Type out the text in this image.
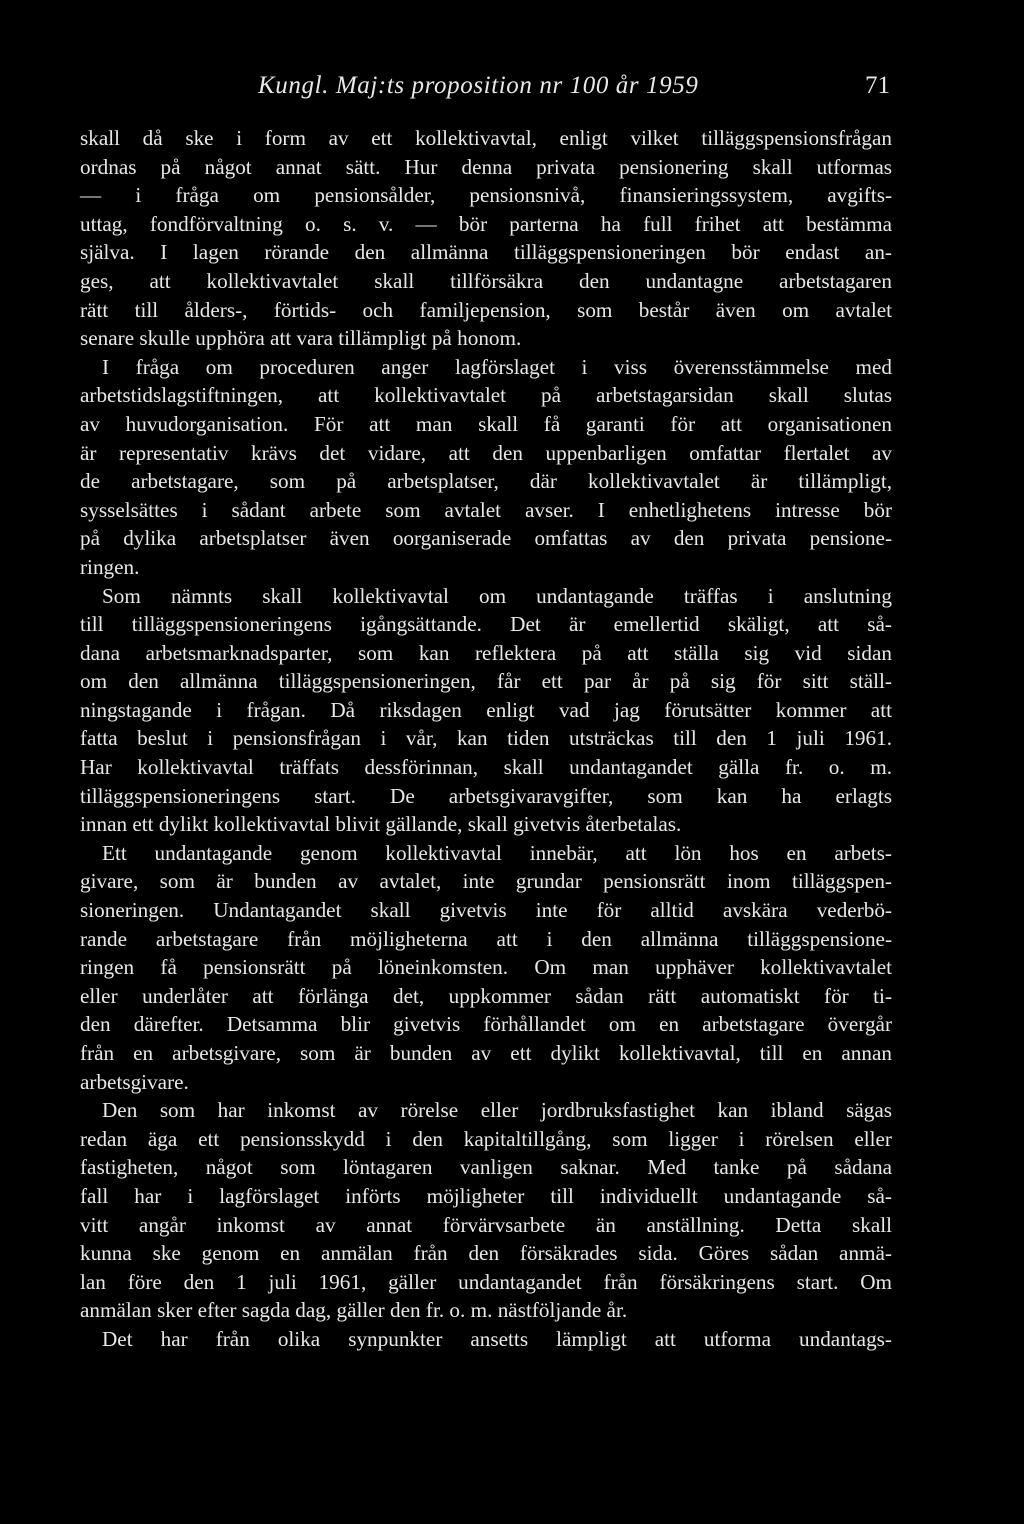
Kungl. Maj:ts proposition nr 100 år 1959	71
skall då ske i form av ett kollektivavtal, enligt vilket tilläggspensionsfrågan
ordnas på något annat sätt. Hur denna privata pensionering skall utformas
— i fråga om pensionsålder, pensionsnivå, finansieringssystem, avgifts-
uttag, fondförvaltning o. s. v. — bör parterna ha full frihet att bestämma
själva. I lagen rörande den allmänna tilläggspensioneringen bör endast an-
ges, att kollektivavtalet skall tillförsäkra den undantagne arbetstagaren
rätt till ålders-, förtids- och familjepension, som består även om avtalet
senare skulle upphöra att vara tillämpligt på honom.
I fråga om proceduren anger lagförslaget i viss överensstämmelse med
arbetstidslagstiftningen, att kollektivavtalet på arbetstagarsidan skall slutas
av huvudorganisation. För att man skall få garanti för att organisationen
är representativ krävs det vidare, att den uppenbarligen omfattar flertalet av
de arbetstagare, som på arbetsplatser, där kollektivavtalet är tillämpligt,
sysselsättes i sådant arbete som avtalet avser. I enhetlighetens intresse bör
på dylika arbetsplatser även oorganiserade omfattas av den privata pensione-
ringen.
Som nämnts skall kollektivavtal om undantagande träffas i anslutning
till tilläggspensioneringens igångsättande. Det är emellertid skäligt, att så-
dana arbetsmarknadsparter, som kan reflektera på att ställa sig vid sidan
om den allmänna tilläggspensioneringen, får ett par år på sig för sitt ställ-
ningstagande i frågan. Då riksdagen enligt vad jag förutsätter kommer att
fatta beslut i pensionsfrågan i vår, kan tiden utsträckas till den 1 juli 1961.
Har kollektivavtal träffats dessförinnan, skall undantagandet gälla fr. o. m.
tilläggspensioneringens start. De arbetsgivaravgifter, som kan ha erlagts
innan ett dylikt kollektivavtal blivit gällande, skall givetvis återbetalas.
Ett undantagande genom kollektivavtal innebär, att lön hos en arbets-
givare, som är bunden av avtalet, inte grundar pensionsrätt inom tilläggspen-
sioneringen. Undantagandet skall givetvis inte för alltid avskära vederbö-
rande arbetstagare från möjligheterna att i den allmänna tilläggspensione-
ringen få pensionsrätt på löneinkomsten. Om man upphäver kollektivavtalet
eller underlåter att förlänga det, uppkommer sådan rätt automatiskt för ti-
den därefter. Detsamma blir givetvis förhållandet om en arbetstagare övergår
från en arbetsgivare, som är bunden av ett dylikt kollektivavtal, till en annan
arbetsgivare.
Den som har inkomst av rörelse eller jordbruksfastighet kan ibland sägas
redan äga ett pensionsskydd i den kapitaltillgång, som ligger i rörelsen eller
fastigheten, något som löntagaren vanligen saknar. Med tanke på sådana
fall har i lagförslaget införts möjligheter till individuellt undantagande så-
vitt angår inkomst av annat förvärvsarbete än anställning. Detta skall
kunna ske genom en anmälan från den försäkrades sida. Göres sådan anmä-
lan före den 1 juli 1961, gäller undantagandet från försäkringens start. Om
anmälan sker efter sagda dag, gäller den fr. o. m. nästföljande år.
Det har från olika synpunkter ansetts lämpligt att utforma undantags-
